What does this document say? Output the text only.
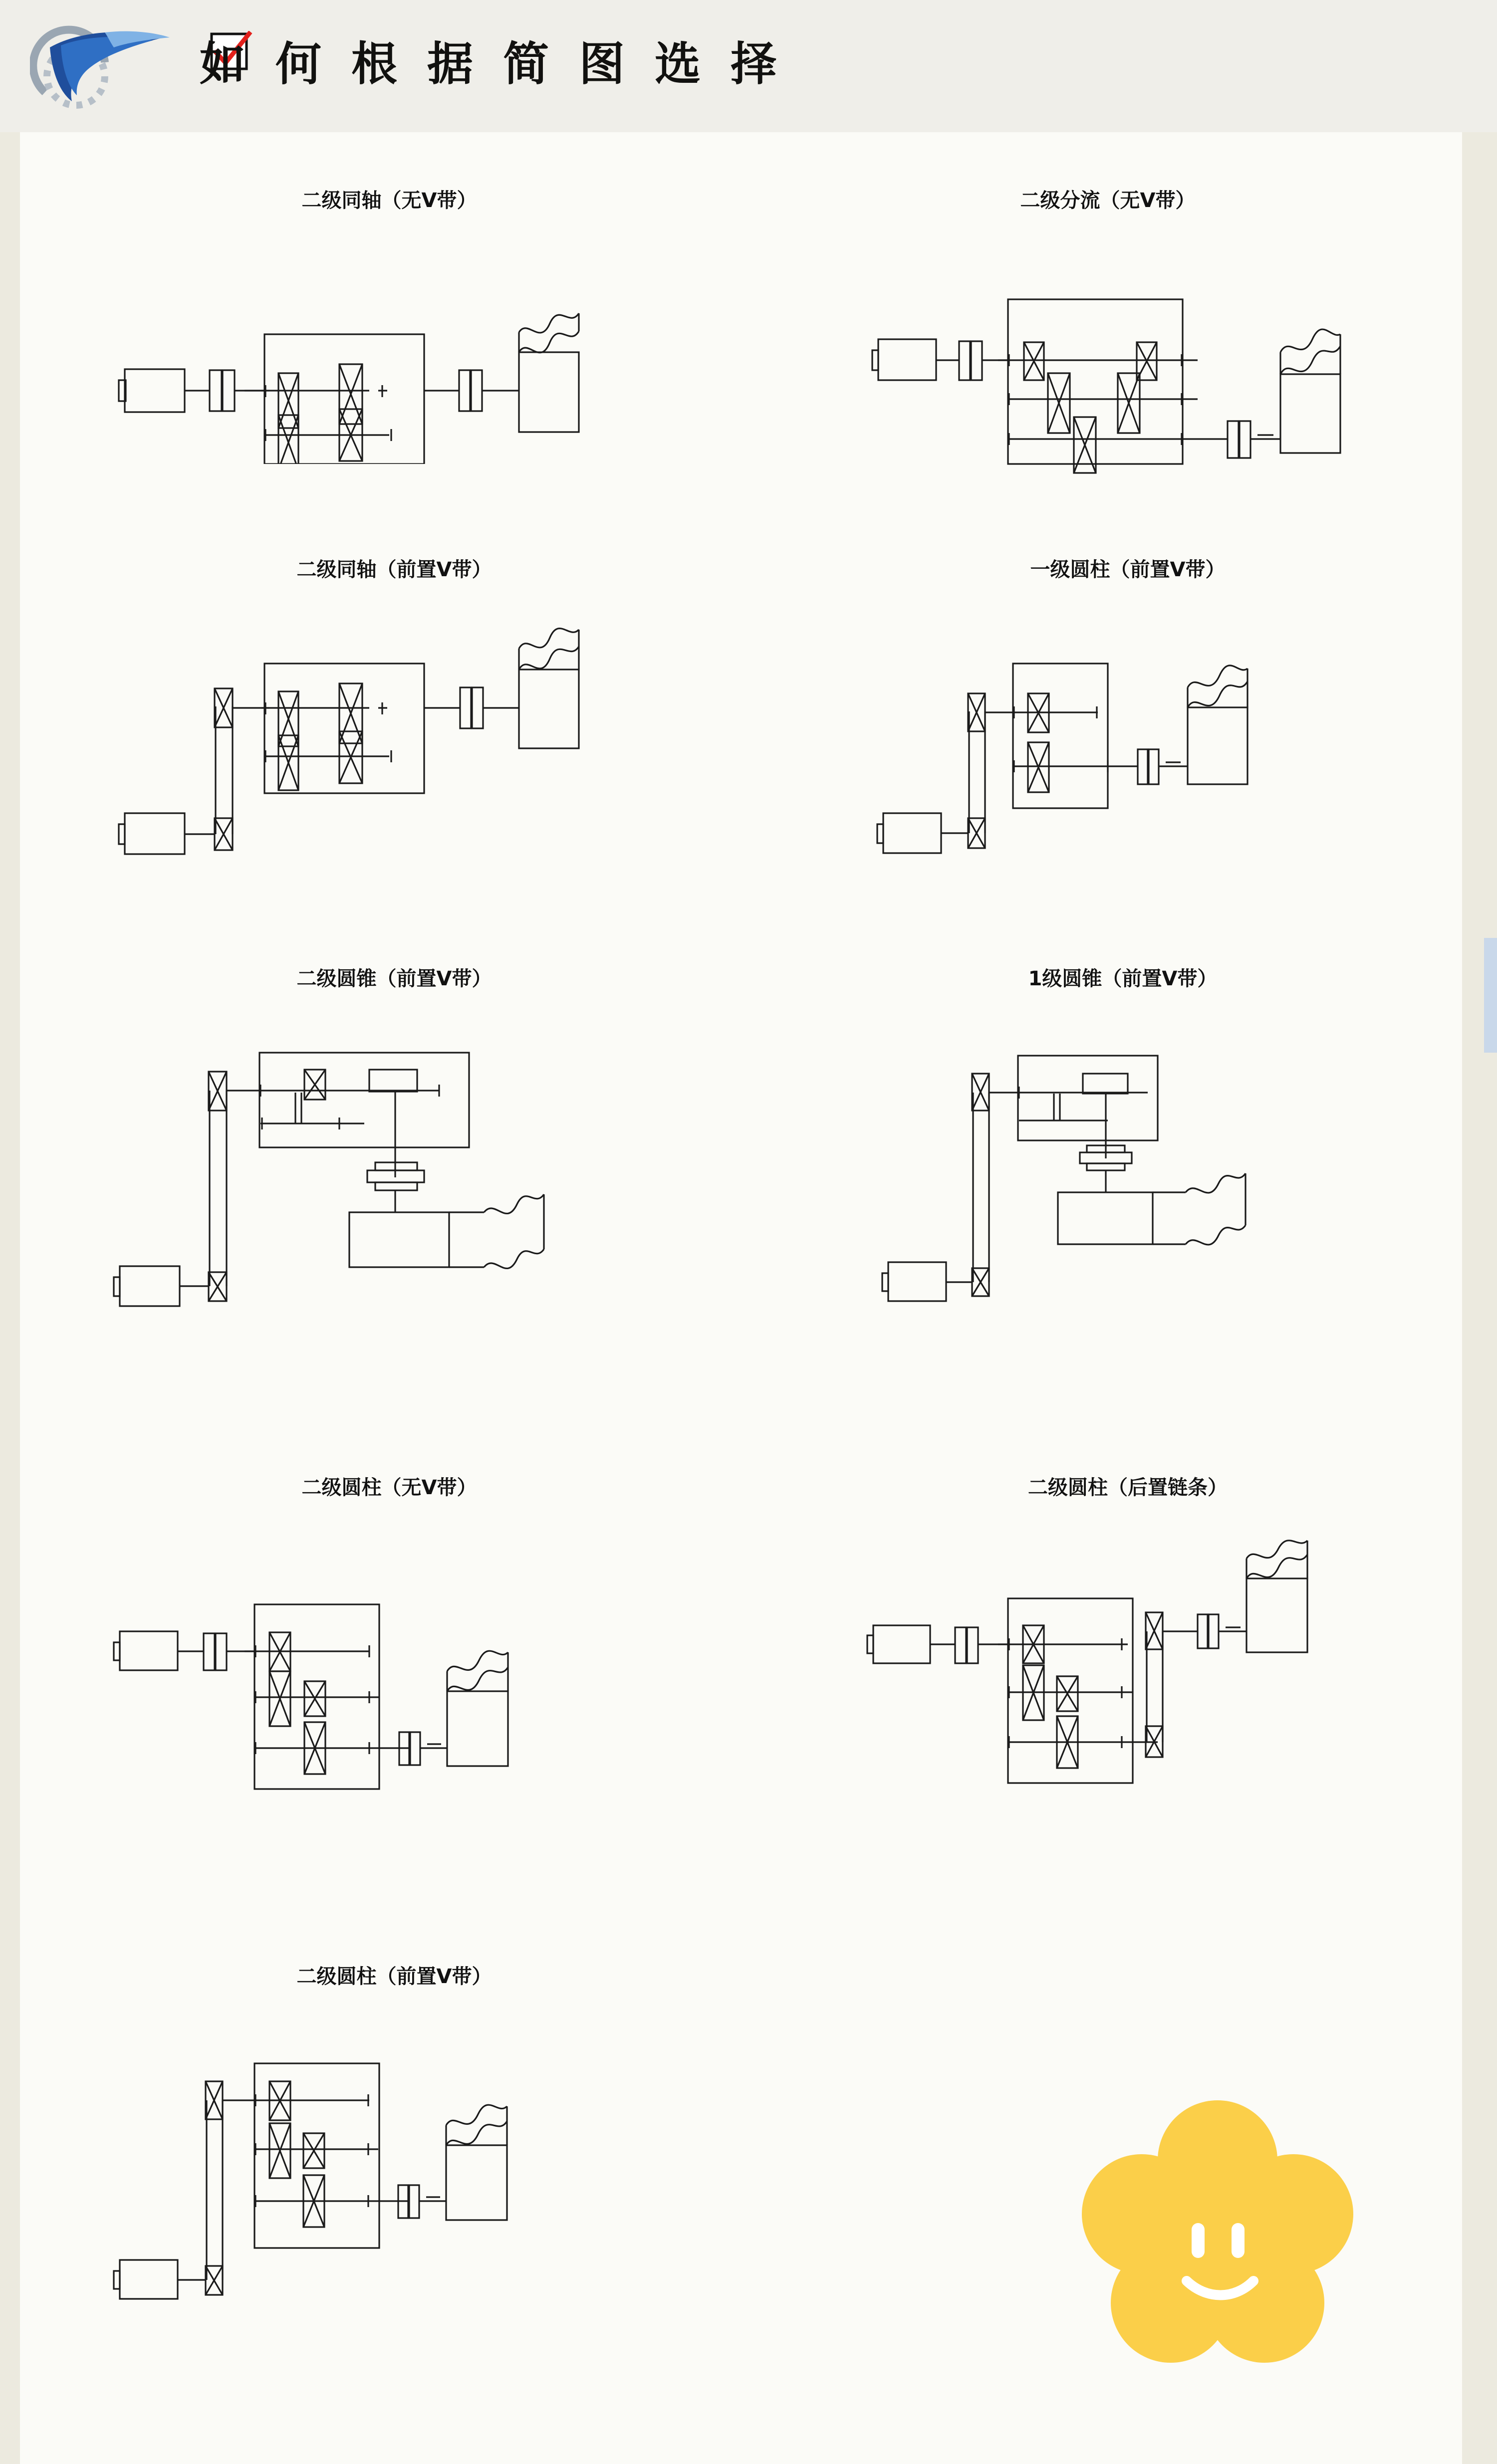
如 何 根 据 简 图 选 择
二级同轴（无V带）	二级分流（无V带）
二级同轴（前置V带）	一级圆柱（前置V带）
二级圆锥（前置V带）	1级圆锥（前置V带）
二级圆柱（无V带）	二级圆柱（后置链条）
二级圆柱（前置V带）
